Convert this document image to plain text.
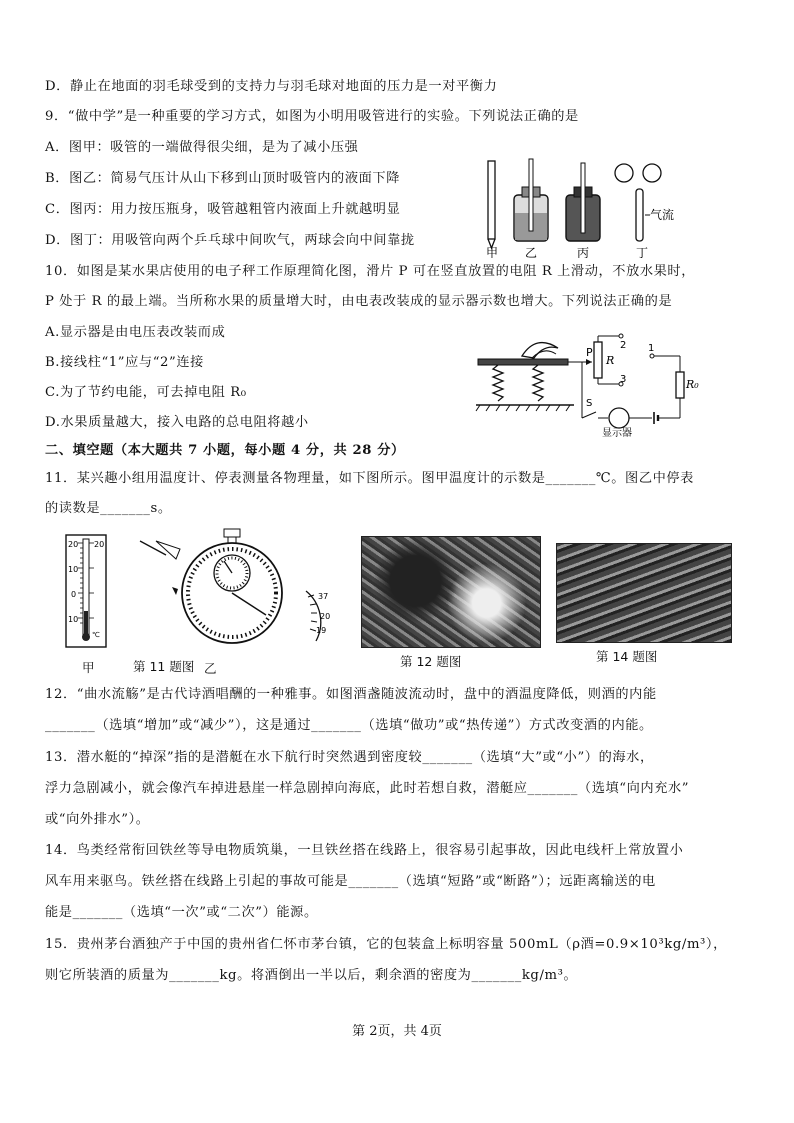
D．静止在地面的羽毛球受到的支持力与羽毛球对地面的压力是一对平衡力
9．“做中学”是一种重要的学习方式，如图为小明用吸管进行的实验。下列说法正确的是
A．图甲：吸管的一端做得很尖细，是为了减小压强
B．图乙：简易气压计从山下移到山顶时吸管内的液面下降
C．图丙：用力按压瓶身，吸管越粗管内液面上升就越明显
D．图丁：用吸管向两个乒乓球中间吹气，两球会向中间靠拢
10．如图是某水果店使用的电子秤工作原理简化图，滑片 P 可在竖直放置的电阻 R 上滑动，不放水果时，
P 处于 R 的最上端。当所称水果的质量增大时，由电表改装成的显示器示数也增大。下列说法正确的是
A.显示器是由电压表改装而成
B.接线柱“1”应与“2”连接
C.为了节约电能，可去掉电阻 R₀
D.水果质量越大，接入电路的总电阻将越小
二、填空题（本大题共 7 小题，每小题 4 分，共 28 分）
11．某兴趣小组用温度计、停表测量各物理量，如下图所示。图甲温度计的示数是_______℃。图乙中停表
的读数是_______s。
12．“曲水流觞”是古代诗酒唱酬的一种雅事。如图酒盏随波流动时，盘中的酒温度降低，则酒的内能
_______（选填“增加”或“减少”），这是通过_______（选填“做功”或“热传递”）方式改变酒的内能。
13．潜水艇的“掉深”指的是潜艇在水下航行时突然遇到密度较_______（选填“大”或“小”）的海水，
浮力急剧减小，就会像汽车掉进悬崖一样急剧掉向海底，此时若想自救，潜艇应_______（选填“向内充水”
或“向外排水”）。
14．鸟类经常衔回铁丝等导电物质筑巢，一旦铁丝搭在线路上，很容易引起事故，因此电线杆上常放置小
风车用来驱鸟。铁丝搭在线路上引起的事故可能是_______（选填“短路”或“断路”）；远距离输送的电
能是_______（选填“一次”或“二次”）能源。
15．贵州茅台酒独产于中国的贵州省仁怀市茅台镇，它的包装盒上标明容量 500mL（ρ酒=0.9×10³kg/m³），
则它所装酒的质量为_______kg。将酒倒出一半以后，剩余酒的密度为_______kg/m³。
气流
甲 乙	丙	丁
P
R
2
3
S
1
R₀
显示器
20
10
0
10
20
℃
37
20
19
甲	第 11 题图 乙	第 12 题图	第 14 题图
第 2页，共 4页
